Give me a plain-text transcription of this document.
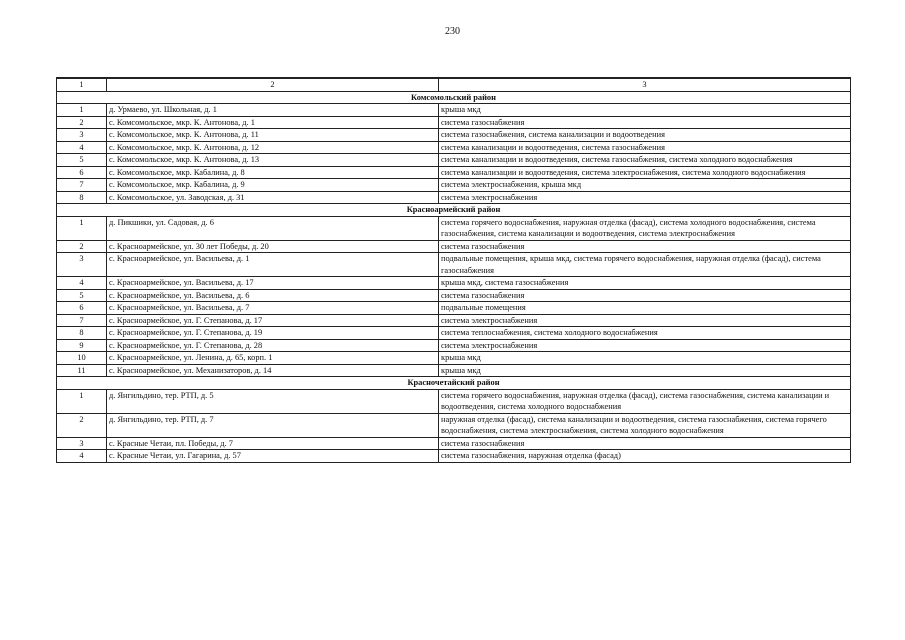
230
1	2	3
Комсомольский район		
1	д. Урмаево, ул. Школьная, д. 1	крыша мкд
2	с. Комсомольское, мкр. К. Антонова, д. 1	система газоснабжения
3	с. Комсомольское, мкр. К. Антонова, д. 11	система газоснабжения, система канализации и водоотведения
4	с. Комсомольское, мкр. К. Антонова, д. 12	система канализации и водоотведения, система газоснабжения
5	с. Комсомольское, мкр. К. Антонова, д. 13	система канализации и водоотведения, система газоснабжения, система холодного водоснабжения
6	с. Комсомольское, мкр. Кабалина, д. 8	система канализации и водоотведения, система электроснабжения, система холодного водоснабжения
7	с. Комсомольское, мкр. Кабалина, д. 9	система электроснабжения, крыша мкд
8	с. Комсомольское, ул. Заводская, д. 31	система электроснабжения
Красноармейский район		
1	д. Пикшики, ул. Садовая, д. 6	система горячего водоснабжения, наружная отделка (фасад), система холодного водоснабжения, система газоснабжения, система канализации и водоотведения, система электроснабжения
2	с. Красноармейское, ул. 30 лет Победы, д. 20	система газоснабжения
3	с. Красноармейское, ул. Васильева, д. 1	подвальные помещения, крыша мкд, система горячего водоснабжения, наружная отделка (фасад), система газоснабжения
4	с. Красноармейское, ул. Васильева, д. 17	крыша мкд, система газоснабжения
5	с. Красноармейское, ул. Васильева, д. 6	система газоснабжения
6	с. Красноармейское, ул. Васильева, д. 7	подвальные помещения
7	с. Красноармейское, ул. Г. Степанова, д. 17	система электроснабжения
8	с. Красноармейское, ул. Г. Степанова, д. 19	система теплоснабжения, система холодного водоснабжения
9	с. Красноармейское, ул. Г. Степанова, д. 28	система электроснабжения
10	с. Красноармейское, ул. Ленина, д. 65, корп. 1	крыша мкд
11	с. Красноармейское, ул. Механизаторов, д. 14	крыша мкд
Красночетайский район		
1	д. Янгильдино, тер. РТП, д. 5	система горячего водоснабжения, наружная отделка (фасад), система газоснабжения, система канализации и водоотведения, система холодного водоснабжения
2	д. Янгильдино, тер. РТП, д. 7	наружная отделка (фасад), система канализации и водоотведения, система газоснабжения, система горячего водоснабжения, система электроснабжения, система холодного водоснабжения
3	с. Красные Четаи, пл. Победы, д. 7	система газоснабжения
4	с. Красные Четаи, ул. Гагарина, д. 57	система газоснабжения, наружная отделка (фасад)
